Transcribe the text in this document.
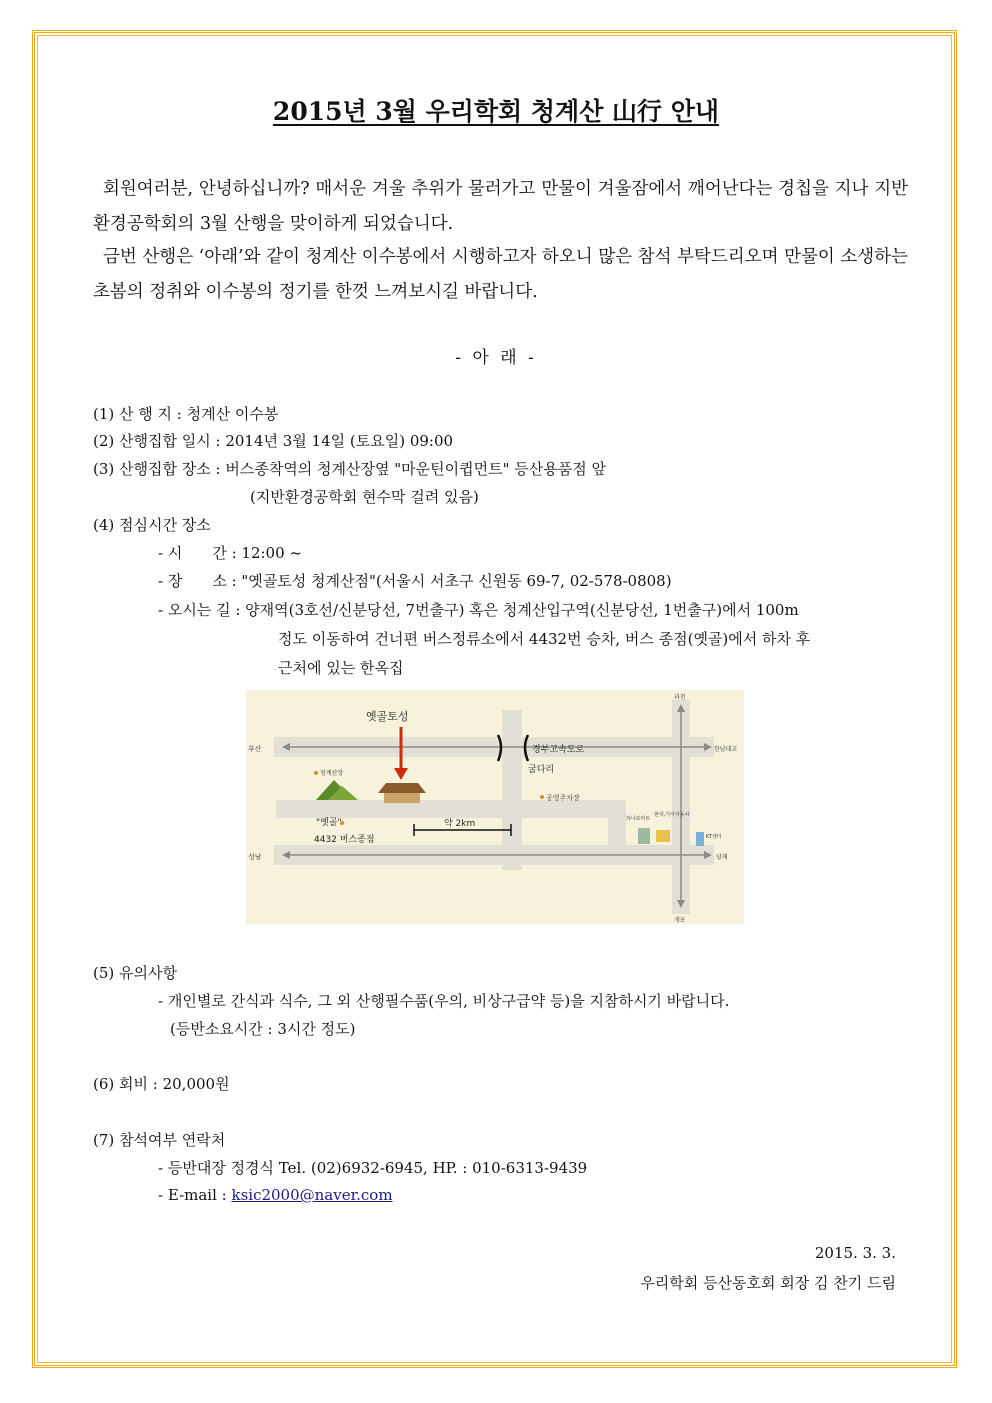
2015년 3월 우리학회 청계산 山行 안내
회원여러분, 안녕하십니까? 매서운 겨울 추위가 물러가고 만물이 겨울잠에서 깨어난다는 경칩을 지나 지반환경공학회의 3월 산행을 맞이하게 되었습니다.
금번 산행은 ‘아래’와 같이 청계산 이수봉에서 시행하고자 하오니 많은 참석 부탁드리오며 만물이 소생하는 초봄의 정취와 이수봉의 정기를 한껏 느껴보시길 바랍니다.
- 아 래 -
(1) 산 행 지 : 청계산 이수봉
(2) 산행집합 일시 : 2014년 3월 14일 (토요일) 09:00
(3) 산행집합 장소 : 버스종착역의 청계산장옆 "마운틴이큅먼트" 등산용품점 앞
(지반환경공학회 현수막 걸려 있음)
(4) 점심시간 장소
- 시　　간 : 12:00 ~
- 장　　소 : "옛골토성 청계산점"(서울시 서초구 신원동 69-7, 02-578-0808)
- 오시는 길 : 양재역(3호선/신분당선, 7번출구) 혹은 청계산입구역(신분당선, 1번출구)에서 100m
정도 이동하여 건너편 버스정류소에서 4432번 승차, 버스 종점(옛골)에서 하차 후
근처에 있는 한옥집
옛골토성
부산
성남
과천
한남대교
양재
개포
경부고속도로
굴다리
청계산장
공영주차장
"옛골"
4432 버스종점
약 2km	하나로마트
현대,기아자동차
KT센터
(5) 유의사항
- 개인별로 간식과 식수, 그 외 산행필수품(우의, 비상구급약 등)을 지참하시기 바랍니다.
(등반소요시간 : 3시간 정도)
(6) 회비 : 20,000원
(7) 참석여부 연락처
- 등반대장 정경식 Tel. (02)6932-6945, HP. : 010-6313-9439
- E-mail : ksic2000@naver.com
2015. 3. 3.
우리학회 등산동호회 회장 김 찬기 드림
